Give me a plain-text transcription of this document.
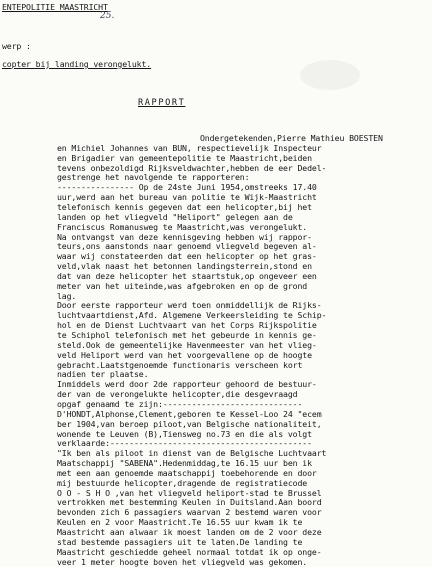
ENTEPOLITIE MAASTRICHT
25.
werp :
copter bij landing verongelukt.
RAPPORT
Ondergetekenden,Pierre Mathieu BOESTEN
en Michiel Johannes van BUN, respectievelijk Inspecteur
en Brigadier van gemeentepolitie te Maastricht,beiden
tevens onbezoldigd Rijksveldwachter,hebben de eer Dedel-
gestrenge het navolgende te rapporteren:
---------------- Op de 24ste Juni 1954,omstreeks 17.40
uur,werd aan het bureau van politie te Wijk-Maastricht
telefonisch kennis gegeven dat een helicopter,bij het
landen op het vliegveld "Heliport" gelegen aan de
Franciscus Romanusweg te Maastricht,was verongelukt.
Na ontvangst van deze kennisgeving hebben wij rappor-
teurs,ons aanstonds naar genoemd vliegveld begeven al-
waar wij constateerden dat een helicopter op het gras-
veld,vlak naast het betonnen landingsterrein,stond en
dat van deze helicopter het staartstuk,op ongeveer een
meter van het uiteinde,was afgebroken en op de grond
lag.
Door eerste rapporteur werd toen onmiddellijk de Rijks-
luchtvaartdienst,Afd. Algemene Verkeersleiding te Schip-
hol en de Dienst Luchtvaart van het Corps Rijkspolitie
te Schiphol telefonisch met het gebeurde in kennis ge-
steld.Ook de gemeentelijke Havenmeester van het vlieg-
veld Heliport werd van het voorgevallene op de hoogte
gebracht.Laatstgenoemde functionaris verscheen kort
nadien ter plaatse.
Inmiddels werd door 2de rapporteur gehoord de bestuur-
der van de verongelukte helicopter,die desgevraagd
opgaf genaamd te zijn:-----------------------------
D'HONDT,Alphonse,Clement,geboren te Kessel-Loo 24 "ecem
ber 1904,van beroep piloot,van Belgische nationaliteit,
wonende te Leuven (B),Tiensweg no.73 en die als volgt
verklaarde:------------------------------------------
"Ik ben als piloot in dienst van de Belgische Luchtvaart
Maatschappij "SABENA".Hedenmiddag,te 16.15 uur ben ik
met een aan genoemde maatschappij toebehorende en door
mij bestuurde helicopter,dragende de registratiecode
O O - S H O ,van het vliegveld heliport-stad te Brussel
vertrokken met bestemming Keulen in Duitsland.Aan boord
bevonden zich 6 passagiers waarvan 2 bestemd waren voor
Keulen en 2 voor Maastricht.Te 16.55 uur kwam ik te
Maastricht aan alwaar ik moest landen om de 2 voor deze
stad bestemde passagiers uit te laten.De landing te
Maastricht geschiedde geheel normaal totdat ik op onge-
veer 1 meter hoogte boven het vliegveld was gekomen.
